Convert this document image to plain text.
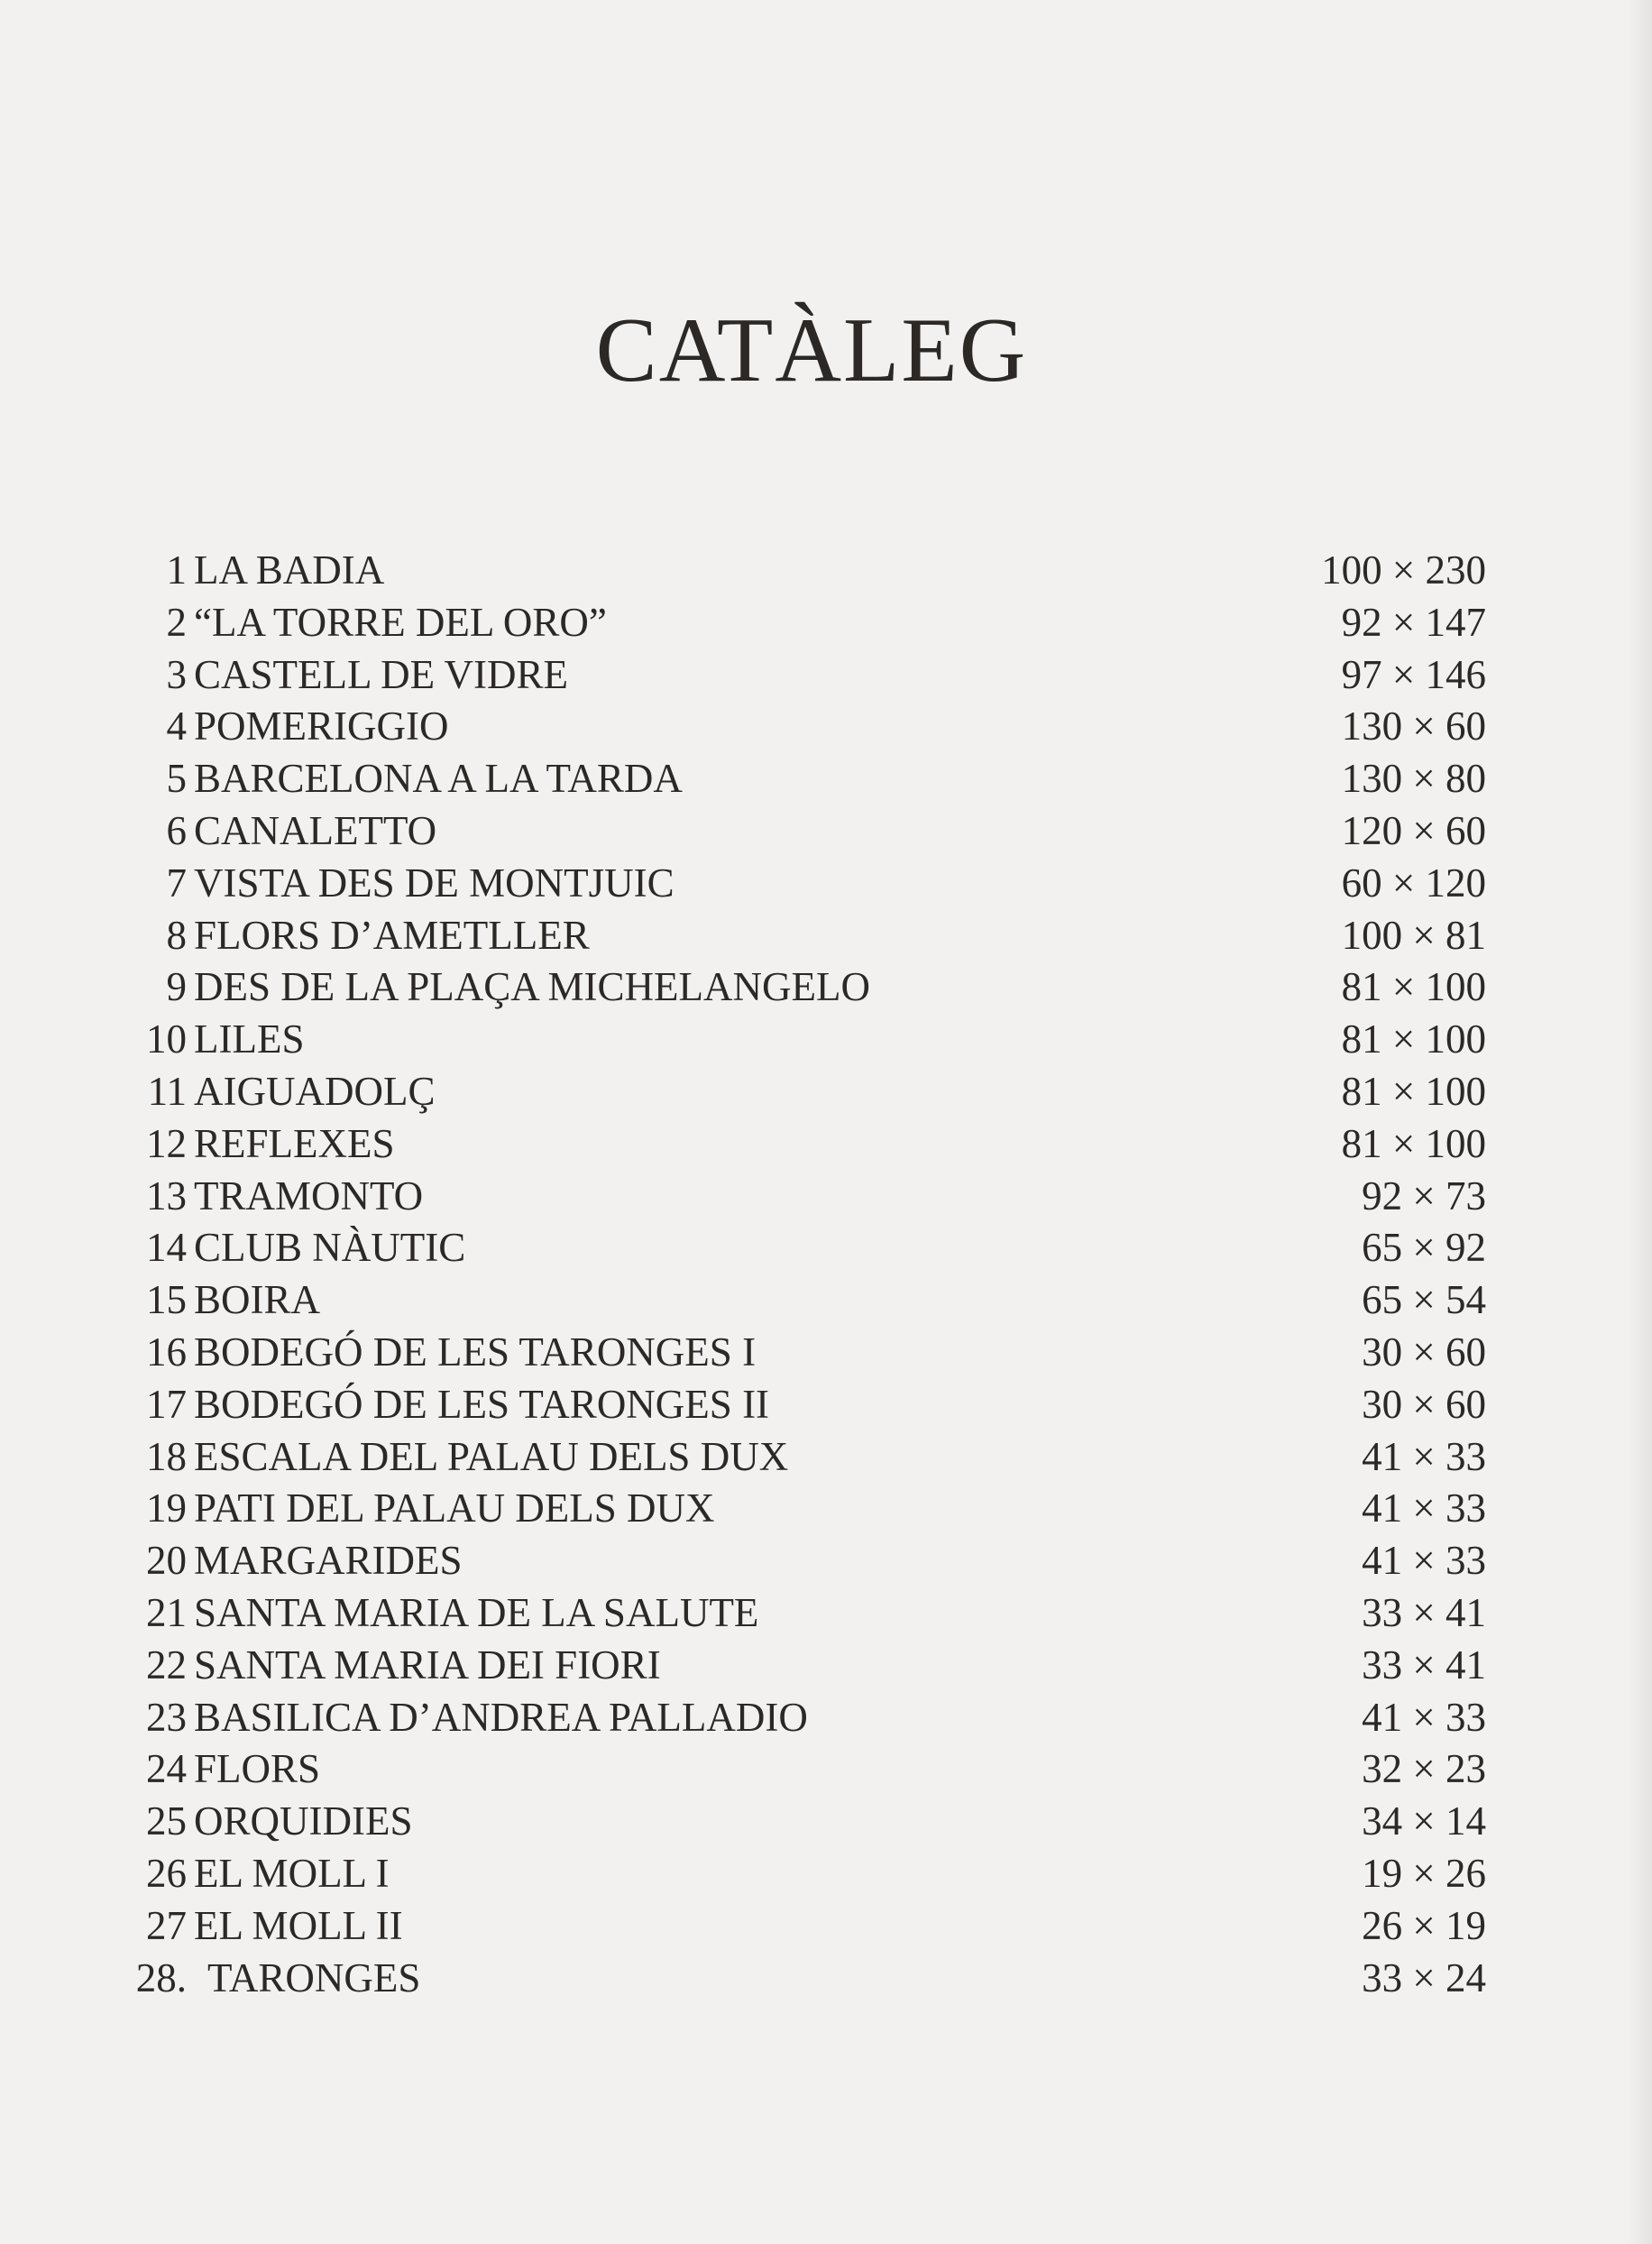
CATÀLEG
1 LA BADIA	100 × 230
2 “LA TORRE DEL ORO”	92 × 147
3 CASTELL DE VIDRE	97 × 146
4 POMERIGGIO	130 × 60
5 BARCELONA A LA TARDA	130 × 80
6 CANALETTO	120 × 60
7 VISTA DES DE MONTJUIC	60 × 120
8 FLORS D’AMETLLER	100 × 81
9 DES DE LA PLAÇA MICHELANGELO	81 × 100
10 LILES	81 × 100
11 AIGUADOLÇ	81 × 100
12 REFLEXES	81 × 100
13 TRAMONTO	92 × 73
14 CLUB NÀUTIC	65 × 92
15 BOIRA	65 × 54
16 BODEGÓ DE LES TARONGES I	30 × 60
17 BODEGÓ DE LES TARONGES II	30 × 60
18 ESCALA DEL PALAU DELS DUX	41 × 33
19 PATI DEL PALAU DELS DUX	41 × 33
20 MARGARIDES	41 × 33
21 SANTA MARIA DE LA SALUTE	33 × 41
22 SANTA MARIA DEI FIORI	33 × 41
23 BASILICA D’ANDREA PALLADIO	41 × 33
24 FLORS	32 × 23
25 ORQUIDIES	34 × 14
26 EL MOLL I	19 × 26
27 EL MOLL II	26 × 19
28. TARONGES	33 × 24
